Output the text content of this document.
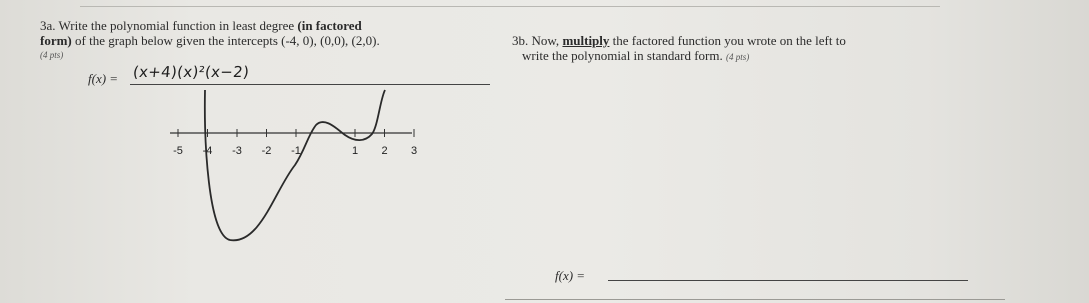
3a. Write the polynomial function in least degree (in factored
form) of the graph below given the intercepts (-4, 0), (0,0), (2,0).
(4 pts)
f(x) = (x+4)(x)²(x−2)
3b. Now, multiply the factored function you wrote on the left to
write the polynomial in standard form. (4 pts)
f(x) =
-5 -4 -3 -2 -1	1 2 3
